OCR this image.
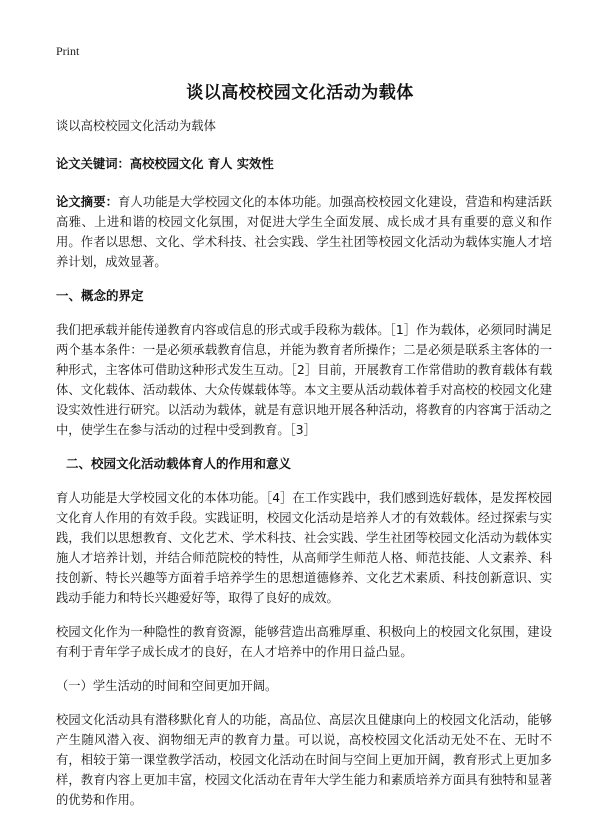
Print
谈以高校校园文化活动为载体

谈以高校校园文化活动为载体

论文关键词：高校校园文化 育人 实效性

论文摘要：育人功能是大学校园文化的本体功能。加强高校校园文化建设，营造和构建活跃高雅、上进和谐的校园文化氛围，对促进大学生全面发展、成长成才具有重要的意义和作用。作者以思想、文化、学术科技、社会实践、学生社团等校园文化活动为载体实施人才培养计划，成效显著。

一、概念的界定

我们把承载并能传递教育内容或信息的形式或手段称为载体。［1］作为载体，必须同时满足两个基本条件：一是必须承载教育信息，并能为教育者所操作；二是必须是联系主客体的一种形式，主客体可借助这种形式发生互动。［2］目前，开展教育工作常借助的教育载体有载体、文化载体、活动载体、大众传媒载体等。本文主要从活动载体着手对高校的校园文化建设实效性进行研究。以活动为载体，就是有意识地开展各种活动，将教育的内容寓于活动之中，使学生在参与活动的过程中受到教育。［3］

二、校园文化活动载体育人的作用和意义

育人功能是大学校园文化的本体功能。［4］在工作实践中，我们感到选好载体，是发挥校园文化育人作用的有效手段。实践证明，校园文化活动是培养人才的有效载体。经过探索与实践，我们以思想教育、文化艺术、学术科技、社会实践、学生社团等校园文化活动为载体实施人才培养计划，并结合师范院校的特性，从高师学生师范人格、师范技能、人文素养、科技创新、特长兴趣等方面着手培养学生的思想道德修养、文化艺术素质、科技创新意识、实践动手能力和特长兴趣爱好等，取得了良好的成效。

校园文化作为一种隐性的教育资源，能够营造出高雅厚重、积极向上的校园文化氛围，建设有利于青年学子成长成才的良好，在人才培养中的作用日益凸显。

（一）学生活动的时间和空间更加开阔。

校园文化活动具有潜移默化育人的功能，高品位、高层次且健康向上的校园文化活动，能够产生随风潜入夜、润物细无声的教育力量。可以说，高校校园文化活动无处不在、无时不有，相较于第一课堂教学活动，校园文化活动在时间与空间上更加开阔，教育形式上更加多样，教育内容上更加丰富，校园文化活动在青年大学生能力和素质培养方面具有独特和显著的优势和作用。
